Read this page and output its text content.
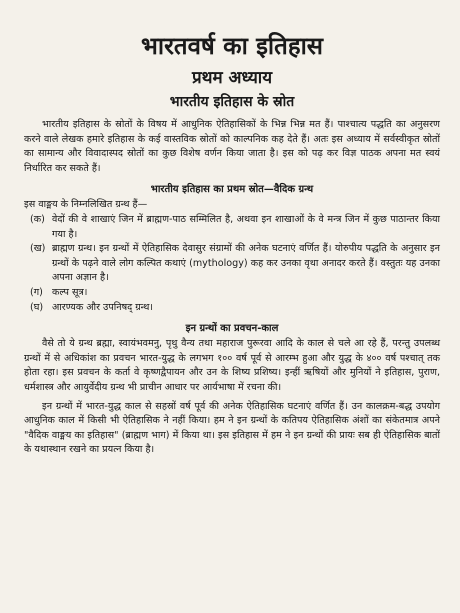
भारतवर्ष का इतिहास
प्रथम अध्याय
भारतीय इतिहास के स्रोत

भारतीय इतिहास के स्रोतों के विषय में आधुनिक ऐतिहासिकों के भिन्न भिन्न मत हैं। पाश्चात्य पद्धति का अनुसरण करने वाले लेखक हमारे इतिहास के कई वास्तविक स्रोतों को काल्पनिक कह देते हैं। अतः इस अध्याय में सर्वस्वीकृत स्रोतों का सामान्य और विवादास्पद स्रोतों का कुछ विशेष वर्णन किया जाता है। इस को पढ़ कर विज्ञ पाठक अपना मत स्वयं निर्धारित कर सकते हैं।

भारतीय इतिहास का प्रथम स्रोत—वैदिक ग्रन्थ

इस वाङ्मय के निम्नलिखित ग्रन्थ हैं—

(क) वेदों की वे शाखाएं जिन में ब्राह्मण-पाठ सम्मिलित है, अथवा इन शाखाओं के वे मन्त्र जिन में कुछ पाठान्तर किया गया है।
(ख) ब्राह्मण ग्रन्थ। इन ग्रन्थों में ऐतिहासिक देवासुर संग्रामों की अनेक घटनाएं वर्णित हैं। योरुपीय पद्धति के अनुसार इन ग्रन्थों के पढ़ने वाले लोग कल्पित कथाएं (mythology) कह कर उनका वृथा अनादर करते हैं। वस्तुतः यह उनका अपना अज्ञान है।
(ग) कल्प सूत्र।
(घ) आरण्यक और उपनिषद् ग्रन्थ।
इन ग्रन्थों का प्रवचन-काल

वैसे तो ये ग्रन्थ ब्रह्मा, स्वायंभवमनु, पृथु वैन्य तथा महाराज पुरूरवा आदि के काल से चले आ रहे हैं, परन्तु उपलब्ध ग्रन्थों में से अधिकांश का प्रवचन भारत-युद्ध के लगभग १०० वर्ष पूर्व से आरम्भ हुआ और युद्ध के ४०० वर्ष पश्चात् तक होता रहा। इस प्रवचन के कर्ता वे कृष्णद्वैपायन और उन के शिष्य प्रशिष्य। इन्हीं ऋषियों और मुनियों ने इतिहास, पुराण, धर्मशास्त्र और आयुर्वेदीय ग्रन्थ भी प्राचीन आधार पर आर्यभाषा में रचना की।

इन ग्रन्थों में भारत-युद्ध काल से सहस्रों वर्ष पूर्व की अनेक ऐतिहासिक घटनाएं वर्णित हैं। उन कालक्रम-बद्ध उपयोग आधुनिक काल में किसी भी ऐतिहासिक ने नहीं किया। हम ने इन ग्रन्थों के कतिपय ऐतिहासिक अंशों का संकेतमात्र अपने "वैदिक वाङ्मय का इतिहास" (ब्राह्मण भाग) में किया था। इस इतिहास में हम ने इन ग्रन्थों की प्रायः सब ही ऐतिहासिक बातों के यथास्थान रखने का प्रयत्न किया है।
